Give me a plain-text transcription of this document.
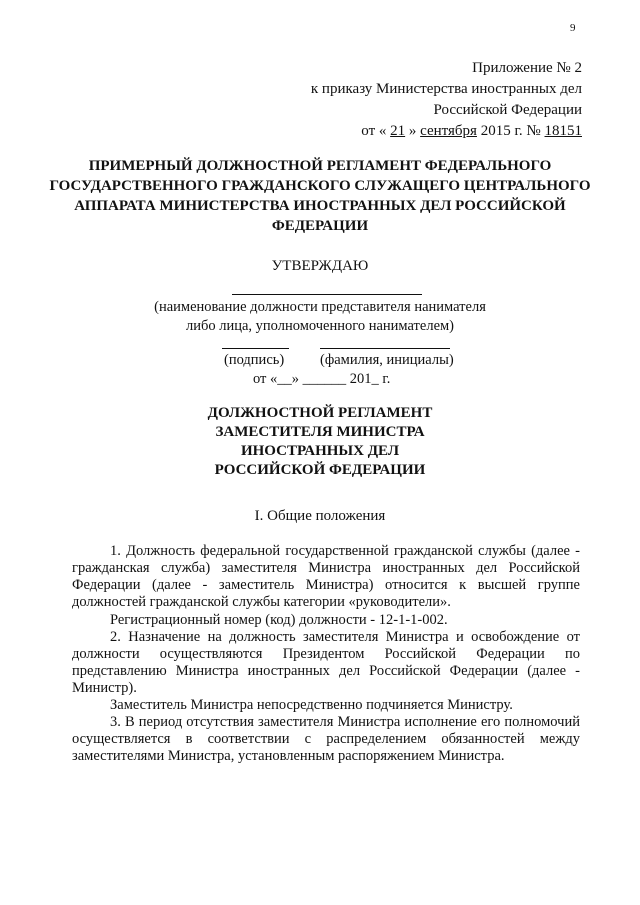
9
Приложение № 2
к приказу Министерства иностранных дел
Российской Федерации
от « 21 » сентября 2015 г. № 18151
ПРИМЕРНЫЙ ДОЛЖНОСТНОЙ РЕГЛАМЕНТ ФЕДЕРАЛЬНОГО ГОСУДАРСТВЕННОГО ГРАЖДАНСКОГО СЛУЖАЩЕГО ЦЕНТРАЛЬНОГО АППАРАТА МИНИСТЕРСТВА ИНОСТРАННЫХ ДЕЛ РОССИЙСКОЙ ФЕДЕРАЦИИ
УТВЕРЖДАЮ
(наименование должности представителя нанимателя
либо лица, уполномоченного нанимателем)
(подпись) (фамилия, инициалы)
от «__» ______ 201_ г.
ДОЛЖНОСТНОЙ РЕГЛАМЕНТ
ЗАМЕСТИТЕЛЯ МИНИСТРА
ИНОСТРАННЫХ ДЕЛ
РОССИЙСКОЙ ФЕДЕРАЦИИ
I. Общие положения
1. Должность федеральной государственной гражданской службы (далее - гражданская служба) заместителя Министра иностранных дел Российской Федерации (далее - заместитель Министра) относится к высшей группе должностей гражданской службы категории «руководители».
Регистрационный номер (код) должности - 12-1-1-002.
2. Назначение на должность заместителя Министра и освобождение от должности осуществляются Президентом Российской Федерации по представлению Министра иностранных дел Российской Федерации (далее - Министр).
Заместитель Министра непосредственно подчиняется Министру.
3. В период отсутствия заместителя Министра исполнение его полномочий осуществляется в соответствии с распределением обязанностей между заместителями Министра, установленным распоряжением Министра.
